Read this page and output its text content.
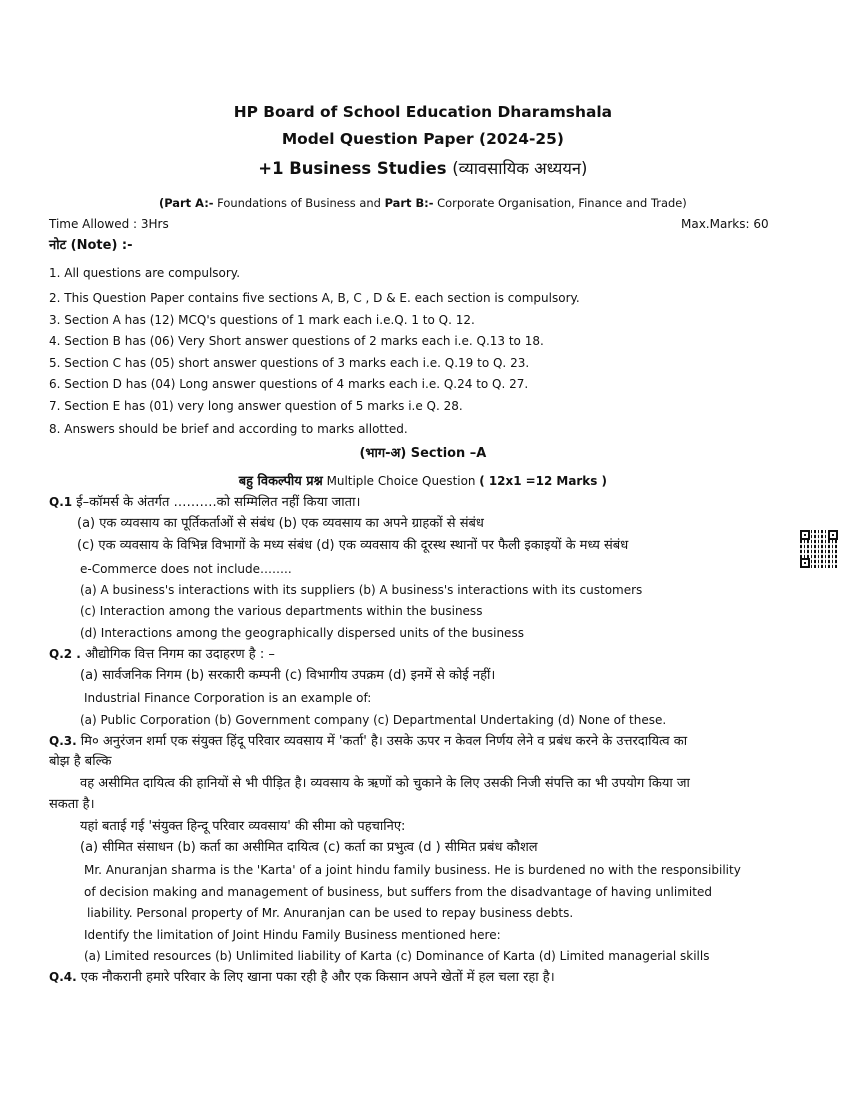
HP Board of School Education Dharamshala
Model Question Paper (2024-25)
+1 Business Studies (व्यावसायिक अध्ययन)
(Part A:- Foundations of Business and Part B:- Corporate Organisation, Finance and Trade)
Time Allowed : 3Hrs	Max.Marks: 60
नोट (Note) :-
1. All questions are compulsory.
2. This Question Paper contains five sections A, B, C , D & E. each section is compulsory.
3. Section A has (12) MCQ's questions of 1 mark each i.e.Q. 1 to Q. 12.
4. Section B has (06) Very Short answer questions of 2 marks each i.e. Q.13 to 18.
5. Section C has (05) short answer questions of 3 marks each i.e. Q.19 to Q. 23.
6. Section D has (04) Long answer questions of 4 marks each i.e. Q.24 to Q. 27.
7. Section E has (01) very long answer question of 5 marks i.e Q. 28.
8. Answers should be brief and according to marks allotted.
(भाग-अ) Section –A
बहु विकल्पीय प्रश्न Multiple Choice Question ( 12x1 =12 Marks )
Q.1 ई–कॉमर्स के अंतर्गत ……….को सम्मिलित नहीं किया जाता।
(a) एक व्यवसाय का पूर्तिकर्ताओं से संबंध (b) एक व्यवसाय का अपने ग्राहकों से संबंध
(c) एक व्यवसाय के विभिन्न विभागों के मध्य संबंध (d) एक व्यवसाय की दूरस्थ स्थानों पर फैली इकाइयों के मध्य संबंध
e-Commerce does not include……..
(a) A business's interactions with its suppliers (b) A business's interactions with its customers
(c) Interaction among the various departments within the business
(d) Interactions among the geographically dispersed units of the business
Q.2 . औद्योगिक वित्त निगम का उदाहरण है : –
(a) सार्वजनिक निगम (b) सरकारी कम्पनी (c) विभागीय उपक्रम (d) इनमें से कोई नहीं।
Industrial Finance Corporation is an example of:
(a) Public Corporation (b) Government company (c) Departmental Undertaking (d) None of these.
Q.3. मि० अनुरंजन शर्मा एक संयुक्त हिंदू परिवार व्यवसाय में 'कर्ता' है। उसके ऊपर न केवल निर्णय लेने व प्रबंध करने के उत्तरदायित्व का
बोझ है बल्कि
वह असीमित दायित्व की हानियों से भी पीड़ित है। व्यवसाय के ऋणों को चुकाने के लिए उसकी निजी संपत्ति का भी उपयोग किया जा
सकता है।
यहां बताई गई 'संयुक्त हिन्दू परिवार व्यवसाय' की सीमा को पहचानिए:
(a) सीमित संसाधन (b) कर्ता का असीमित दायित्व (c) कर्ता का प्रभुत्व (d ) सीमित प्रबंध कौशल
Mr. Anuranjan sharma is the 'Karta' of a joint hindu family business. He is burdened no with the responsibility
of decision making and management of business, but suffers from the disadvantage of having unlimited
liability. Personal property of Mr. Anuranjan can be used to repay business debts.
Identify the limitation of Joint Hindu Family Business mentioned here:
(a) Limited resources (b) Unlimited liability of Karta (c) Dominance of Karta (d) Limited managerial skills
Q.4. एक नौकरानी हमारे परिवार के लिए खाना पका रही है और एक किसान अपने खेतों में हल चला रहा है।
